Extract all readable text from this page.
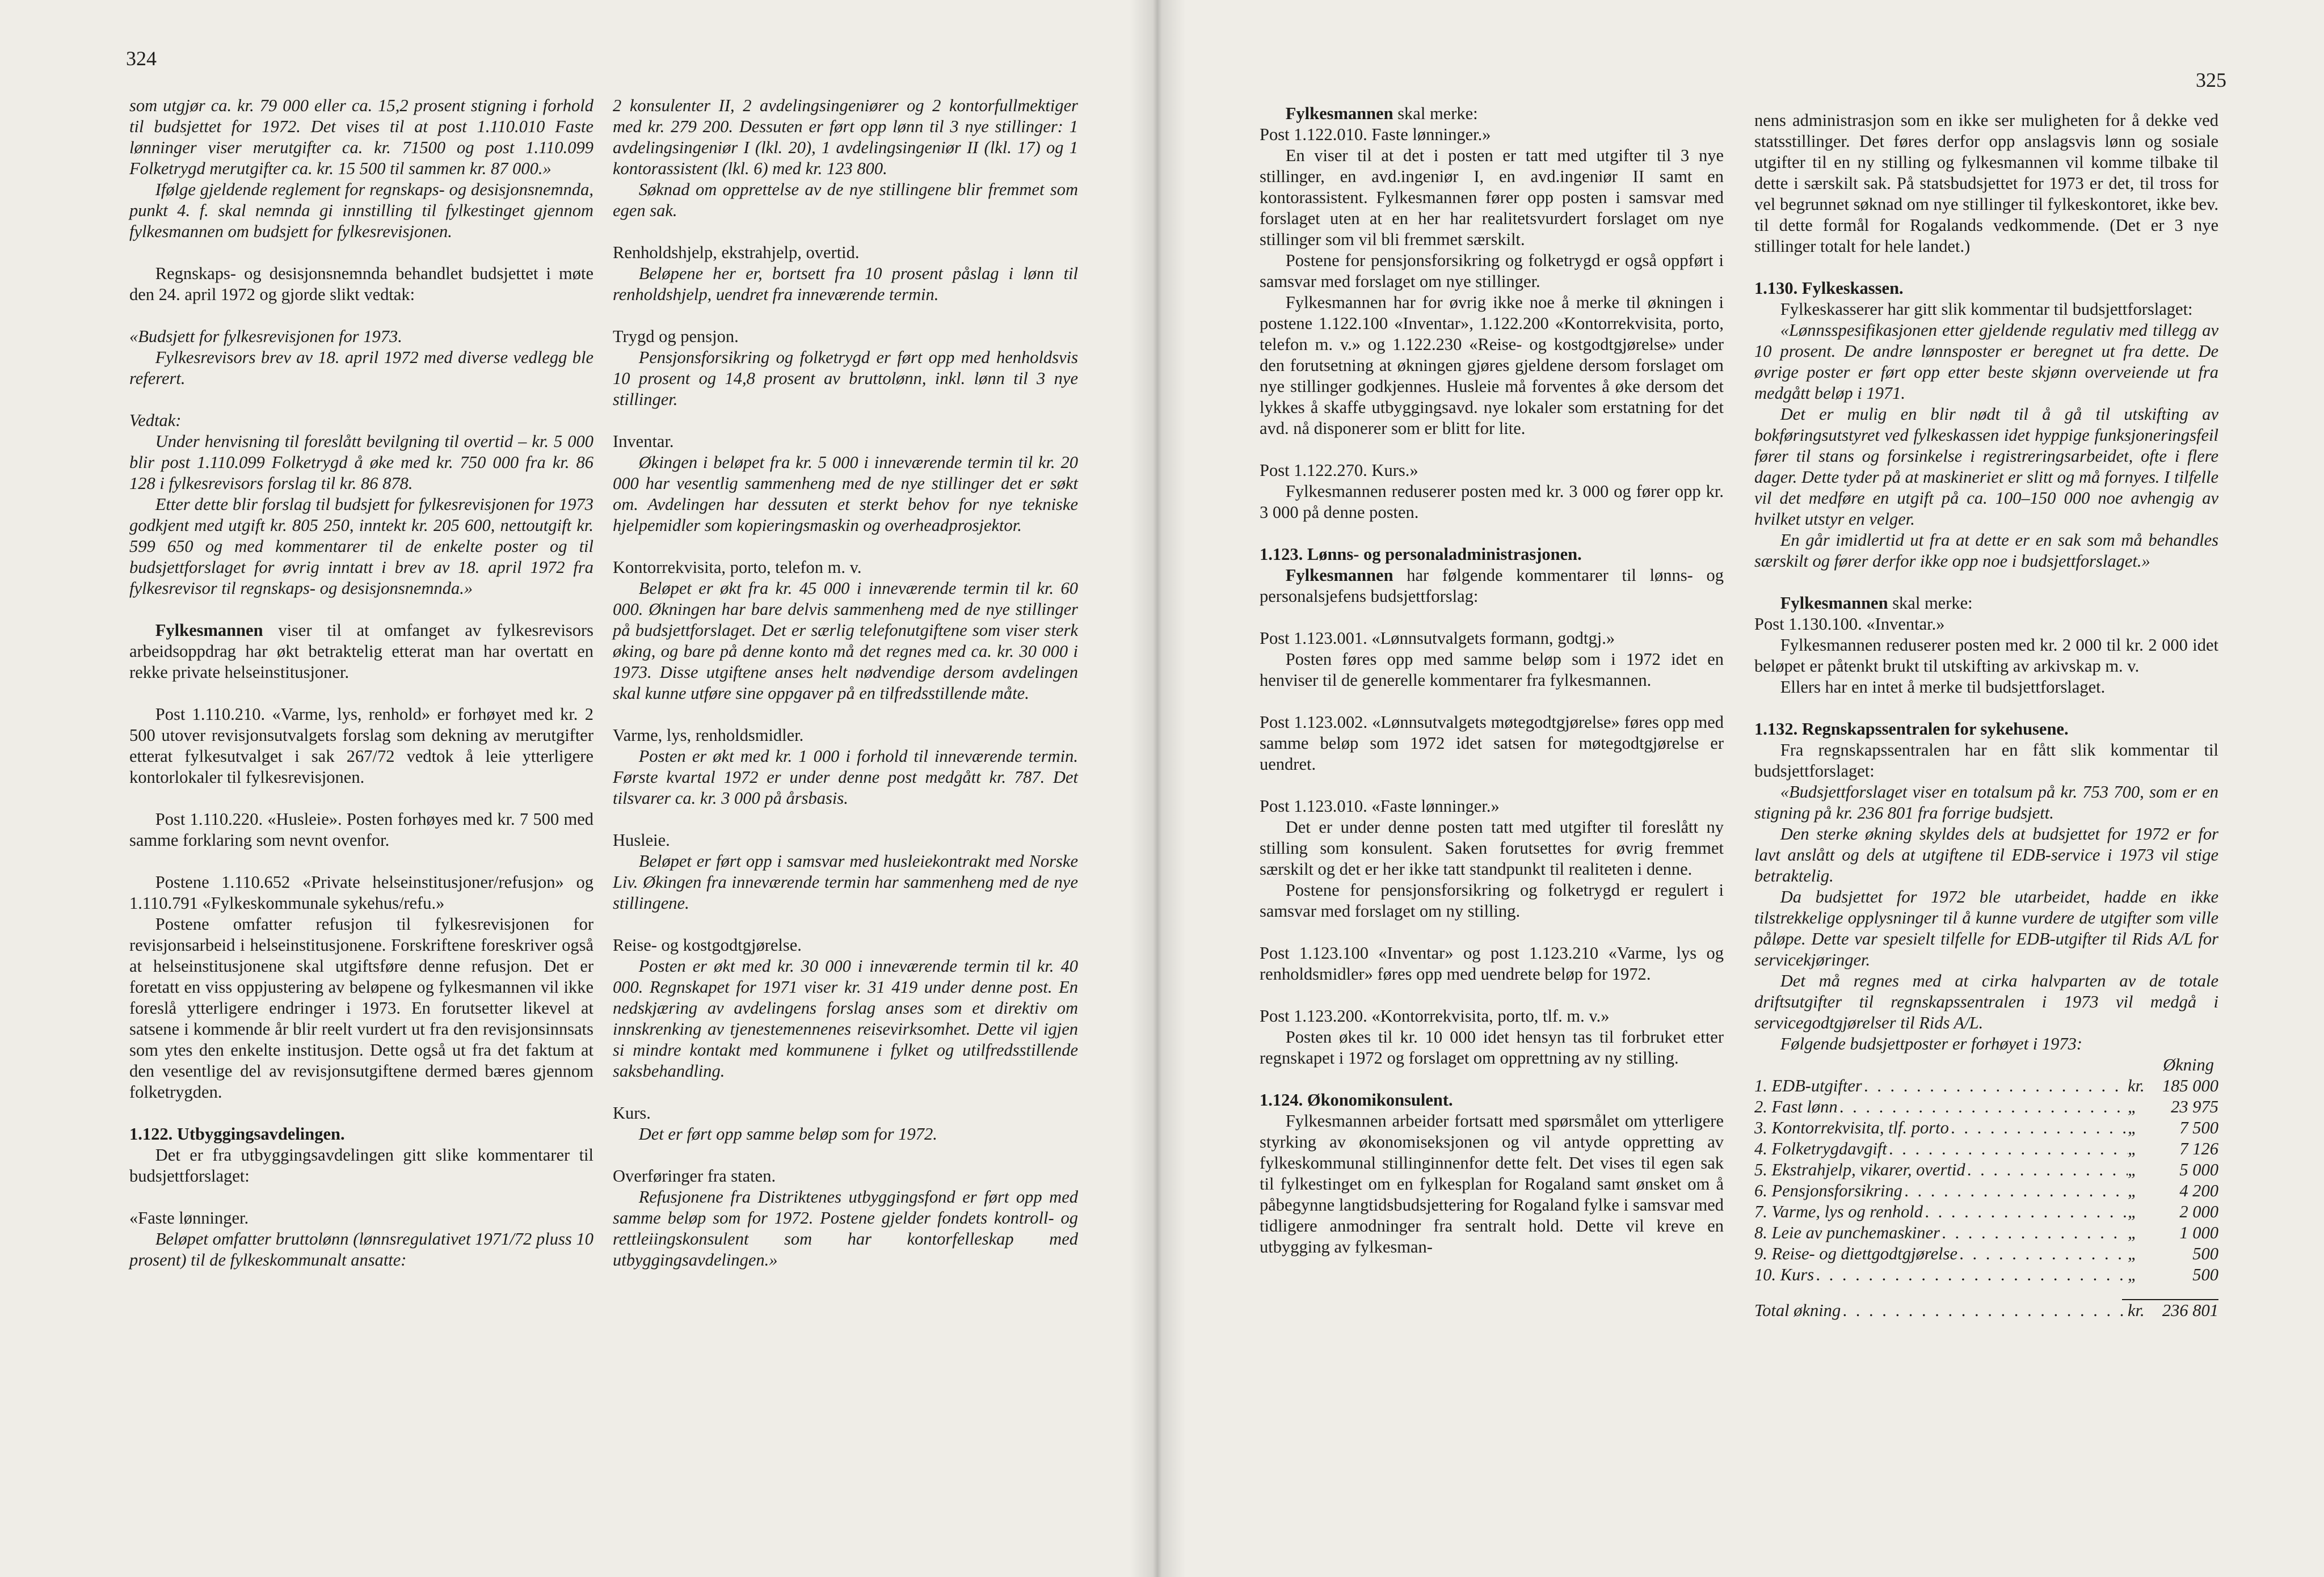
324

som utgjør ca. kr. 79 000 eller ca. 15,2 prosent stigning i forhold til budsjettet for 1972. Det vises til at post 1.110.010 Faste lønninger viser merutgifter ca. kr. 71500 og post 1.110.099 Folketrygd merutgifter ca. kr. 15 500 til sammen kr. 87 000.»

Ifølge gjeldende reglement for regnskaps- og desisjonsnemnda, punkt 4. f. skal nemnda gi innstilling til fylkestinget gjennom fylkesmannen om budsjett for fylkesrevisjonen.

Regnskaps- og desisjonsnemnda behandlet budsjettet i møte den 24. april 1972 og gjorde slikt vedtak:

«Budsjett for fylkesrevisjonen for 1973.

Fylkesrevisors brev av 18. april 1972 med diverse vedlegg ble referert.

Vedtak:

Under henvisning til foreslått bevilgning til overtid – kr. 5 000 blir post 1.110.099 Folketrygd å øke med kr. 750 000 fra kr. 86 128 i fylkesrevisors forslag til kr. 86 878.

Etter dette blir forslag til budsjett for fylkesrevisjonen for 1973 godkjent med utgift kr. 805 250, inntekt kr. 205 600, nettoutgift kr. 599 650 og med kommentarer til de enkelte poster og til budsjettforslaget for øvrig inntatt i brev av 18. april 1972 fra fylkesrevisor til regnskaps- og desisjonsnemnda.»

Fylkesmannen viser til at omfanget av fylkesrevisors arbeidsoppdrag har økt betraktelig etterat man har overtatt en rekke private helseinstitusjoner.

Post 1.110.210. «Varme, lys, renhold» er forhøyet med kr. 2 500 utover revisjonsutvalgets forslag som dekning av merutgifter etterat fylkesutvalget i sak 267/72 vedtok å leie ytterligere kontorlokaler til fylkesrevisjonen.

Post 1.110.220. «Husleie». Posten forhøyes med kr. 7 500 med samme forklaring som nevnt ovenfor.

Postene 1.110.652 «Private helseinstitusjoner/refusjon» og 1.110.791 «Fylkeskommunale sykehus/refu.»

Postene omfatter refusjon til fylkesrevisjonen for revisjonsarbeid i helseinstitusjonene. Forskriftene foreskriver også at helseinstitusjonene skal utgiftsføre denne refusjon. Det er foretatt en viss oppjustering av beløpene og fylkesmannen vil ikke foreslå ytterligere endringer i 1973. En forutsetter likevel at satsene i kommende år blir reelt vurdert ut fra den revisjonsinnsats som ytes den enkelte institusjon. Dette også ut fra det faktum at den vesentlige del av revisjonsutgiftene dermed bæres gjennom folketrygden.

1.122. Utbyggingsavdelingen.

Det er fra utbyggingsavdelingen gitt slike kommentarer til budsjettforslaget:

«Faste lønninger.

Beløpet omfatter bruttolønn (lønnsregulativet 1971/72 pluss 10 prosent) til de fylkeskommunalt ansatte:

2 konsulenter II, 2 avdelingsingeniører og 2 kontorfullmektiger med kr. 279 200. Dessuten er ført opp lønn til 3 nye stillinger: 1 avdelingsingeniør I (lkl. 20), 1 avdelingsingeniør II (lkl. 17) og 1 kontorassistent (lkl. 6) med kr. 123 800.

Søknad om opprettelse av de nye stillingene blir fremmet som egen sak.

Renholdshjelp, ekstrahjelp, overtid.

Beløpene her er, bortsett fra 10 prosent påslag i lønn til renholdshjelp, uendret fra inneværende termin.

Trygd og pensjon.

Pensjonsforsikring og folketrygd er ført opp med henholdsvis 10 prosent og 14,8 prosent av bruttolønn, inkl. lønn til 3 nye stillinger.

Inventar.

Økingen i beløpet fra kr. 5 000 i inneværende termin til kr. 20 000 har vesentlig sammenheng med de nye stillinger det er søkt om. Avdelingen har dessuten et sterkt behov for nye tekniske hjelpemidler som kopieringsmaskin og overheadprosjektor.

Kontorrekvisita, porto, telefon m. v.

Beløpet er økt fra kr. 45 000 i inneværende termin til kr. 60 000. Økningen har bare delvis sammenheng med de nye stillinger på budsjettforslaget. Det er særlig telefonutgiftene som viser sterk øking, og bare på denne konto må det regnes med ca. kr. 30 000 i 1973. Disse utgiftene anses helt nødvendige dersom avdelingen skal kunne utføre sine oppgaver på en tilfredsstillende måte.

Varme, lys, renholdsmidler.

Posten er økt med kr. 1 000 i forhold til inneværende termin. Første kvartal 1972 er under denne post medgått kr. 787. Det tilsvarer ca. kr. 3 000 på årsbasis.

Husleie.

Beløpet er ført opp i samsvar med husleiekontrakt med Norske Liv. Økingen fra inneværende termin har sammenheng med de nye stillingene.

Reise- og kostgodtgjørelse.

Posten er økt med kr. 30 000 i inneværende termin til kr. 40 000. Regnskapet for 1971 viser kr. 31 419 under denne post. En nedskjæring av avdelingens forslag anses som et direktiv om innskrenking av tjenestemennenes reisevirksomhet. Dette vil igjen si mindre kontakt med kommunene i fylket og utilfredsstillende saksbehandling.

Kurs.

Det er ført opp samme beløp som for 1972.

Overføringer fra staten.

Refusjonene fra Distriktenes utbyggingsfond er ført opp med samme beløp som for 1972. Postene gjelder fondets kontroll- og rettleiingskonsulent som har kontorfelleskap med utbyggingsavdelingen.»

325

Fylkesmannen skal merke:

Post 1.122.010. Faste lønninger.»

En viser til at det i posten er tatt med utgifter til 3 nye stillinger, en avd.ingeniør I, en avd.ingeniør II samt en kontorassistent. Fylkesmannen fører opp posten i samsvar med forslaget uten at en her har realitetsvurdert forslaget om nye stillinger som vil bli fremmet særskilt.

Postene for pensjonsforsikring og folketrygd er også oppført i samsvar med forslaget om nye stillinger.

Fylkesmannen har for øvrig ikke noe å merke til økningen i postene 1.122.100 «Inventar», 1.122.200 «Kontorrekvisita, porto, telefon m. v.» og 1.122.230 «Reise- og kostgodtgjørelse» under den forutsetning at økningen gjøres gjeldene dersom forslaget om nye stillinger godkjennes. Husleie må forventes å øke dersom det lykkes å skaffe utbyggingsavd. nye lokaler som erstatning for det avd. nå disponerer som er blitt for lite.

Post 1.122.270. Kurs.»

Fylkesmannen reduserer posten med kr. 3 000 og fører opp kr. 3 000 på denne posten.

1.123. Lønns- og personaladministrasjonen.

Fylkesmannen har følgende kommentarer til lønns- og personalsjefens budsjettforslag:

Post 1.123.001. «Lønnsutvalgets formann, godtgj.»

Posten føres opp med samme beløp som i 1972 idet en henviser til de generelle kommentarer fra fylkesmannen.

Post 1.123.002. «Lønnsutvalgets møtegodtgjørelse» føres opp med samme beløp som 1972 idet satsen for møtegodtgjørelse er uendret.

Post 1.123.010. «Faste lønninger.»

Det er under denne posten tatt med utgifter til foreslått ny stilling som konsulent. Saken forutsettes for øvrig fremmet særskilt og det er her ikke tatt standpunkt til realiteten i denne.

Postene for pensjonsforsikring og folketrygd er regulert i samsvar med forslaget om ny stilling.

Post 1.123.100 «Inventar» og post 1.123.210 «Varme, lys og renholdsmidler» føres opp med uendrete beløp for 1972.

Post 1.123.200. «Kontorrekvisita, porto, tlf. m. v.»

Posten økes til kr. 10 000 idet hensyn tas til forbruket etter regnskapet i 1972 og forslaget om opprettning av ny stilling.

1.124. Økonomikonsulent.

Fylkesmannen arbeider fortsatt med spørsmålet om ytterligere styrking av økonomiseksjonen og vil antyde oppretting av fylkeskommunal stillinginnenfor dette felt. Det vises til egen sak til fylkestinget om en fylkesplan for Rogaland samt ønsket om å påbegynne langtidsbudsjettering for Rogaland fylke i samsvar med tidligere anmodninger fra sentralt hold. Dette vil kreve en utbygging av fylkesman-

nens administrasjon som en ikke ser muligheten for å dekke ved statsstillinger. Det føres derfor opp anslagsvis lønn og sosiale utgifter til en ny stilling og fylkesmannen vil komme tilbake til dette i særskilt sak. På statsbudsjettet for 1973 er det, til tross for vel begrunnet søknad om nye stillinger til fylkeskontoret, ikke bev. til dette formål for Rogalands vedkommende. (Det er 3 nye stillinger totalt for hele landet.)

1.130. Fylkeskassen.

Fylkeskasserer har gitt slik kommentar til budsjettforslaget:

«Lønnsspesifikasjonen etter gjeldende regulativ med tillegg av 10 prosent. De andre lønnsposter er beregnet ut fra dette. De øvrige poster er ført opp etter beste skjønn overveiende ut fra medgått beløp i 1971.

Det er mulig en blir nødt til å gå til utskifting av bokføringsutstyret ved fylkeskassen idet hyppige funksjoneringsfeil fører til stans og forsinkelse i registreringsarbeidet, ofte i flere dager. Dette tyder på at maskineriet er slitt og må fornyes. I tilfelle vil det medføre en utgift på ca. 100–150 000 noe avhengig av hvilket utstyr en velger.

En går imidlertid ut fra at dette er en sak som må behandles særskilt og fører derfor ikke opp noe i budsjettforslaget.»

Fylkesmannen skal merke:

Post 1.130.100. «Inventar.»

Fylkesmannen reduserer posten med kr. 2 000 til kr. 2 000 idet beløpet er påtenkt brukt til utskifting av arkivskap m. v.

Ellers har en intet å merke til budsjettforslaget.

1.132. Regnskapssentralen for sykehusene.

Fra regnskapssentralen har en fått slik kommentar til budsjettforslaget:

«Budsjettforslaget viser en totalsum på kr. 753 700, som er en stigning på kr. 236 801 fra forrige budsjett.

Den sterke økning skyldes dels at budsjettet for 1972 er for lavt anslått og dels at utgiftene til EDB-service i 1973 vil stige betraktelig.

Da budsjettet for 1972 ble utarbeidet, hadde en ikke tilstrekkelige opplysninger til å kunne vurdere de utgifter som ville påløpe. Dette var spesielt tilfelle for EDB-utgifter til Rids A/L for servicekjøringer.

Det må regnes med at cirka halvparten av de totale driftsutgifter til regnskapssentralen i 1973 vil medgå i servicegodtgjørelser til Rids A/L.

Følgende budsjettposter er forhøyet i 1973:

Økning
1. EDB-utgifter . . .	kr.	185 000
2. Fast lønn . . .	„	23 975
3. Kontorrekvisita, tlf. porto . . .	„	7 500
4. Folketrygdavgift . . .	„	7 126
5. Ekstrahjelp, vikarer, overtid . . .	„	5 000
6. Pensjonsforsikring . . .	„	4 200
7. Varme, lys og renhold . . .	„	2 000
8. Leie av punchemaskiner . . .	„	1 000
9. Reise- og diettgodtgjørelse . . .	„	500
10. Kurs . . .	„	500
Total økning . . .	kr.	236 801
